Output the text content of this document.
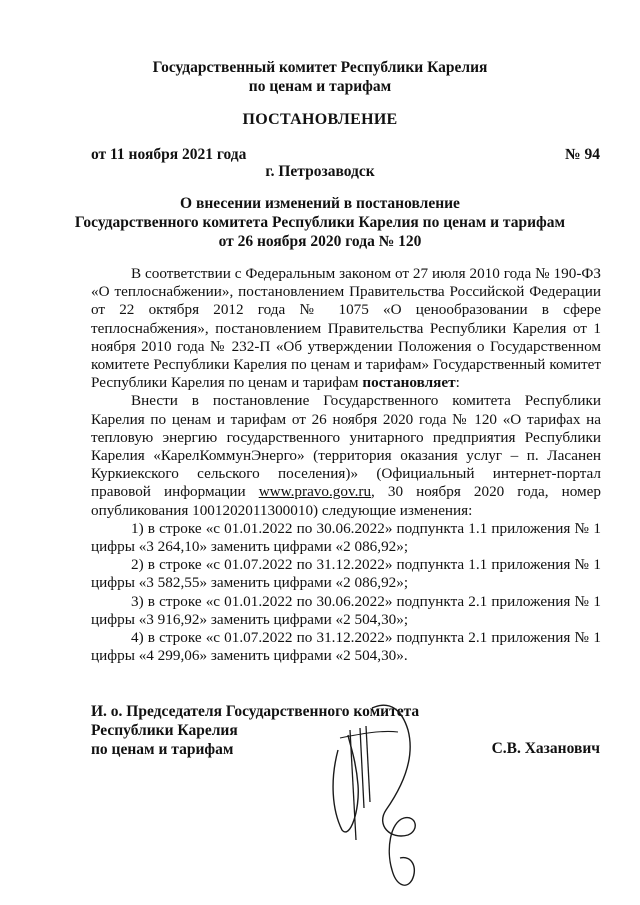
Государственный комитет Республики Карелия
по ценам и тарифам
ПОСТАНОВЛЕНИЕ
от 11 ноября 2021 года	№ 94
г. Петрозаводск
О внесении изменений в постановление
Государственного комитета Республики Карелия по ценам и тарифам
от 26 ноября 2020 года № 120

В соответствии с Федеральным законом от 27 июля 2010 года № 190-ФЗ «О теплоснабжении», постановлением Правительства Российской Федерации от 22 октября 2012 года № 1075 «О ценообразовании в сфере теплоснабжения», постановлением Правительства Республики Карелия от 1 ноября 2010 года № 232-П «Об утверждении Положения о Государственном комитете Республики Карелия по ценам и тарифам» Государственный комитет Республики Карелия по ценам и тарифам постановляет:

Внести в постановление Государственного комитета Республики Карелия по ценам и тарифам от 26 ноября 2020 года № 120 «О тарифах на тепловую энергию государственного унитарного предприятия Республики Карелия «КарелКоммунЭнерго» (территория оказания услуг – п. Ласанен Куркиекского сельского поселения)» (Официальный интернет-портал правовой информации www.pravo.gov.ru, 30 ноября 2020 года, номер опубликования 1001202011300010) следующие изменения:

1) в строке «с 01.01.2022 по 30.06.2022» подпункта 1.1 приложения № 1 цифры «3 264,10» заменить цифрами «2 086,92»;

2) в строке «с 01.07.2022 по 31.12.2022» подпункта 1.1 приложения № 1 цифры «3 582,55» заменить цифрами «2 086,92»;

3) в строке «с 01.01.2022 по 30.06.2022» подпункта 2.1 приложения № 1 цифры «3 916,92» заменить цифрами «2 504,30»;

4) в строке «с 01.07.2022 по 31.12.2022» подпункта 2.1 приложения № 1 цифры «4 299,06» заменить цифрами «2 504,30».

И. о. Председателя Государственного комитета
Республики Карелия
по ценам и тарифам	С.В. Хазанович
